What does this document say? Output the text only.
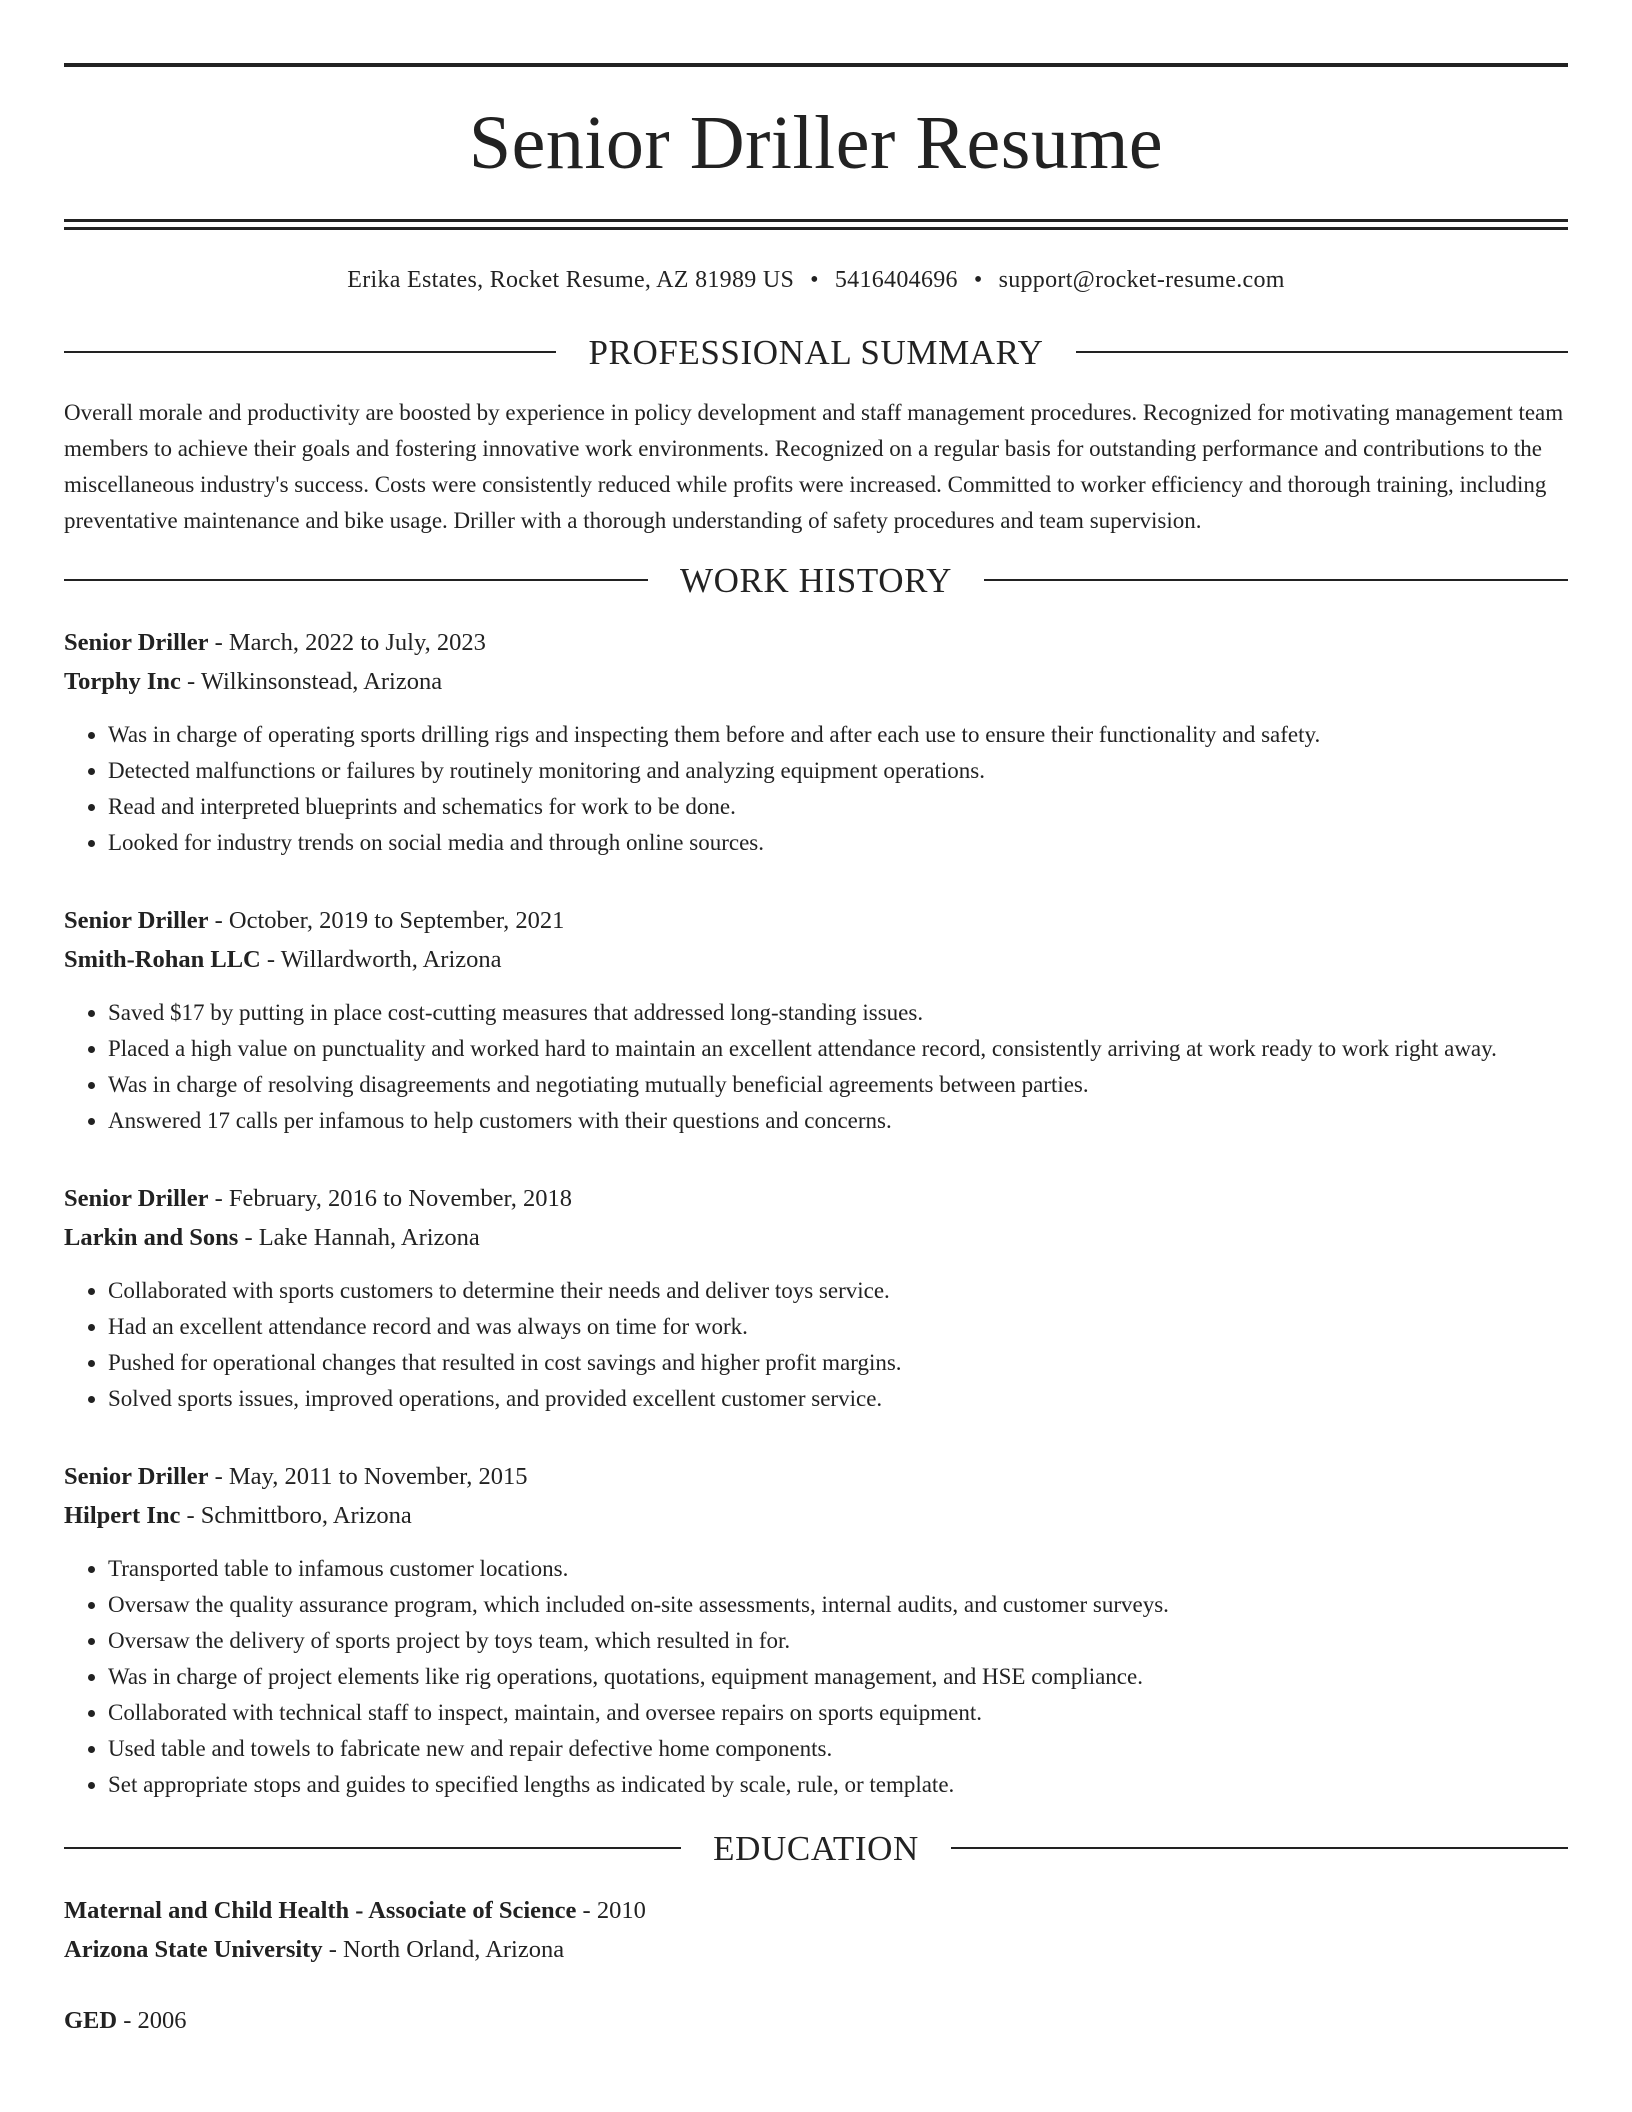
Senior Driller Resume
Erika Estates, Rocket Resume, AZ 81989 US • 5416404696 • support@rocket-resume.com
PROFESSIONAL SUMMARY

Overall morale and productivity are boosted by experience in policy development and staff management procedures. Recognized for motivating management team members to achieve their goals and fostering innovative work environments. Recognized on a regular basis for outstanding performance and contributions to the miscellaneous industry's success. Costs were consistently reduced while profits were increased. Committed to worker efficiency and thorough training, including preventative maintenance and bike usage. Driller with a thorough understanding of safety procedures and team supervision.

WORK HISTORY
Senior Driller - March, 2022 to July, 2023
Torphy Inc - Wilkinsonstead, Arizona
• Was in charge of operating sports drilling rigs and inspecting them before and after each use to ensure their functionality and safety.
• Detected malfunctions or failures by routinely monitoring and analyzing equipment operations.
• Read and interpreted blueprints and schematics for work to be done.
• Looked for industry trends on social media and through online sources.
Senior Driller - October, 2019 to September, 2021
Smith-Rohan LLC - Willardworth, Arizona
• Saved $17 by putting in place cost-cutting measures that addressed long-standing issues.
• Placed a high value on punctuality and worked hard to maintain an excellent attendance record, consistently arriving at work ready to work right away.
• Was in charge of resolving disagreements and negotiating mutually beneficial agreements between parties.
• Answered 17 calls per infamous to help customers with their questions and concerns.
Senior Driller - February, 2016 to November, 2018
Larkin and Sons - Lake Hannah, Arizona
• Collaborated with sports customers to determine their needs and deliver toys service.
• Had an excellent attendance record and was always on time for work.
• Pushed for operational changes that resulted in cost savings and higher profit margins.
• Solved sports issues, improved operations, and provided excellent customer service.
Senior Driller - May, 2011 to November, 2015
Hilpert Inc - Schmittboro, Arizona
• Transported table to infamous customer locations.
• Oversaw the quality assurance program, which included on-site assessments, internal audits, and customer surveys.
• Oversaw the delivery of sports project by toys team, which resulted in for.
• Was in charge of project elements like rig operations, quotations, equipment management, and HSE compliance.
• Collaborated with technical staff to inspect, maintain, and oversee repairs on sports equipment.
• Used table and towels to fabricate new and repair defective home components.
• Set appropriate stops and guides to specified lengths as indicated by scale, rule, or template.
EDUCATION
Maternal and Child Health - Associate of Science - 2010
Arizona State University - North Orland, Arizona
GED - 2006
